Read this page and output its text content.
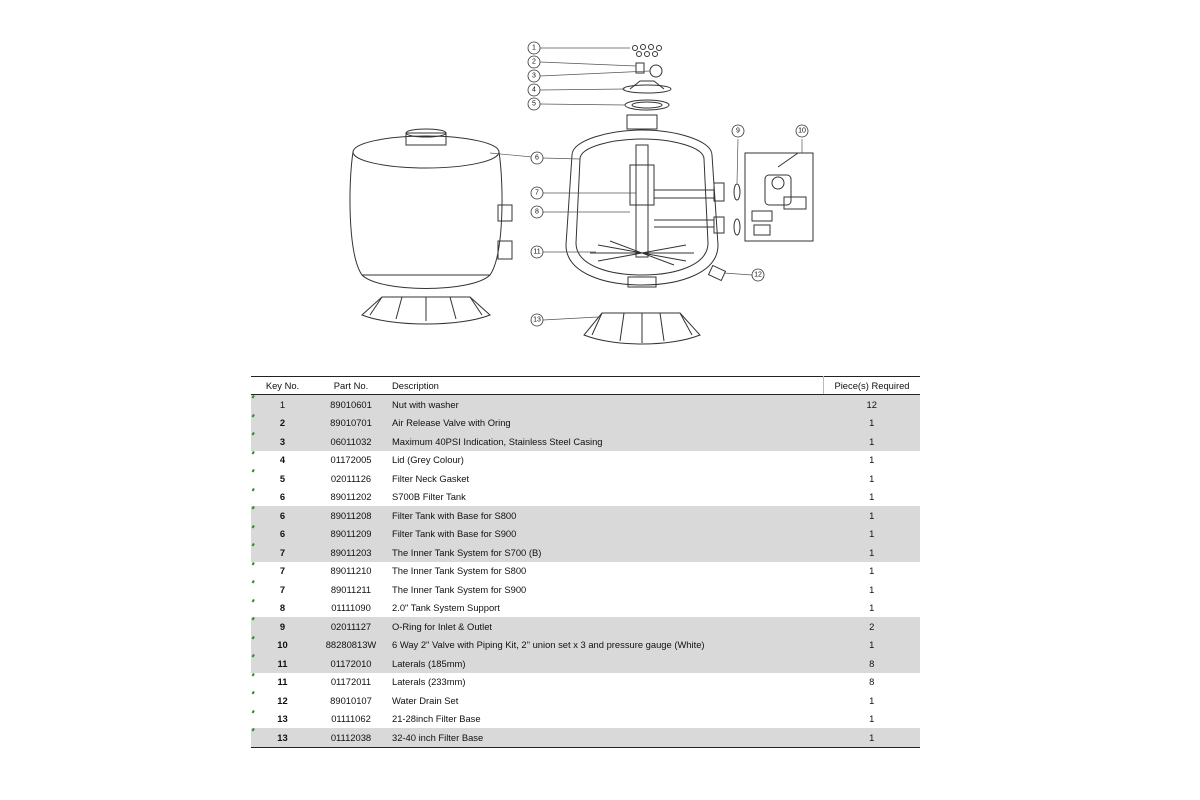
1
2
3
4
5
6
7
8
9	10
11
12
13
Key No.	Part No.	Description	Piece(s) Required

1	89010601	Nut with washer	12

2	89010701	Air Release Valve with Oring	1

3	06011032	Maximum 40PSI Indication, Stainless Steel Casing	1

4	01172005	Lid (Grey Colour)	1

5	02011126	Filter Neck Gasket	1

6	89011202	S700B Filter Tank	1

6	89011208	Filter Tank with Base for S800	1

6	89011209	Filter Tank with Base for S900	1

7	89011203	The Inner Tank System for S700 (B)	1

7	89011210	The Inner Tank System for S800	1

7	89011211	The Inner Tank System for S900	1

8	01111090	2.0" Tank System Support	1

9	02011127	O-Ring for Inlet & Outlet	2

10	88280813W	6 Way 2" Valve with Piping Kit, 2" union set x 3 and pressure gauge (White)	1

11	01172010	Laterals (185mm)	8

11	01172011	Laterals (233mm)	8

12	89010107	Water Drain Set	1

13	01111062	21-28inch Filter Base	1

13	01112038	32-40 inch Filter Base	1
